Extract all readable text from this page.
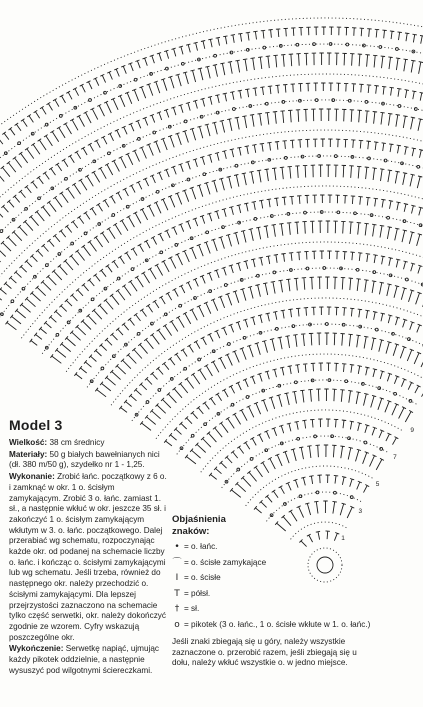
1
3
5
7
9
Model 3

Wielkość: 38 cm średnicy

Materiały: 50 g białych bawełnianych nici (dł. 380 m/50 g), szydełko nr 1 - 1,25.

Wykonanie: Zrobić łańc. początkowy z 6 o. i zamknąć w okr. 1 o. ścisłym zamykającym. Zrobić 3 o. łańc. zamiast 1. sł., a następnie wkłuć w okr. jeszcze 35 sł. i zakończyć 1 o. ścisłym zamykającym wkłutym w 3. o. łańc. początkowego. Dalej przerabiać wg schematu, rozpoczynając każde okr. od podanej na schemacie liczby o. łańc. i kończąc o. ścisłymi zamykającymi lub wg schematu. Jeśli trzeba, również do następnego okr. należy przechodzić o. ścisłymi zamykającymi. Dla lepszej przejrzystości zaznaczono na schemacie tylko część serwetki, okr. należy dokończyć zgodnie ze wzorem. Cyfry wskazują poszczególne okr.

Wykończenie: Serwetkę napiąć, ujmując każdy pikotek oddzielnie, a następnie wysuszyć pod wilgotnymi ściereczkami.

Objaśnienia znaków:
• = o. łańc.
⌒ = o. ścisłe zamykające
I = o. ścisłe
T = półsł.
† = sł.
o = pikotek (3 o. łańc., 1 o. ścisłe wkłute w 1. o. łańc.)
Jeśli znaki zbiegają się u góry, należy wszystkie zaznaczone o. przerobić razem, jeśli zbiegają się u dołu, należy wkłuć wszystkie o. w jedno miejsce.
